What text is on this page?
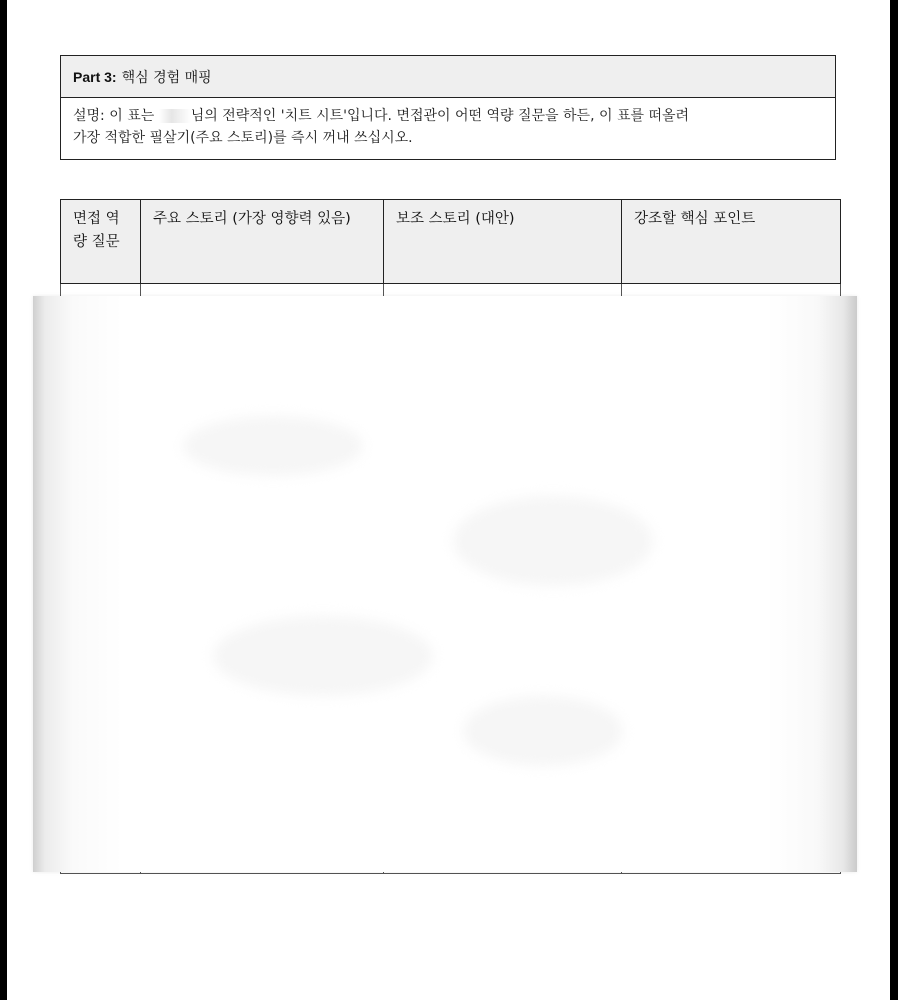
Part 3: 핵심 경험 매핑
설명: 이 표는	님의 전략적인 '치트 시트'입니다. 면접관이 어떤 역량 질문을 하든, 이 표를 떠올려
가장 적합한 필살기(주요 스토리)를 즉시 꺼내 쓰십시오.
면접 역량 질문	주요 스토리 (가장 영향력 있음)	보조 스토리 (대안)	강조할 핵심 포인트
